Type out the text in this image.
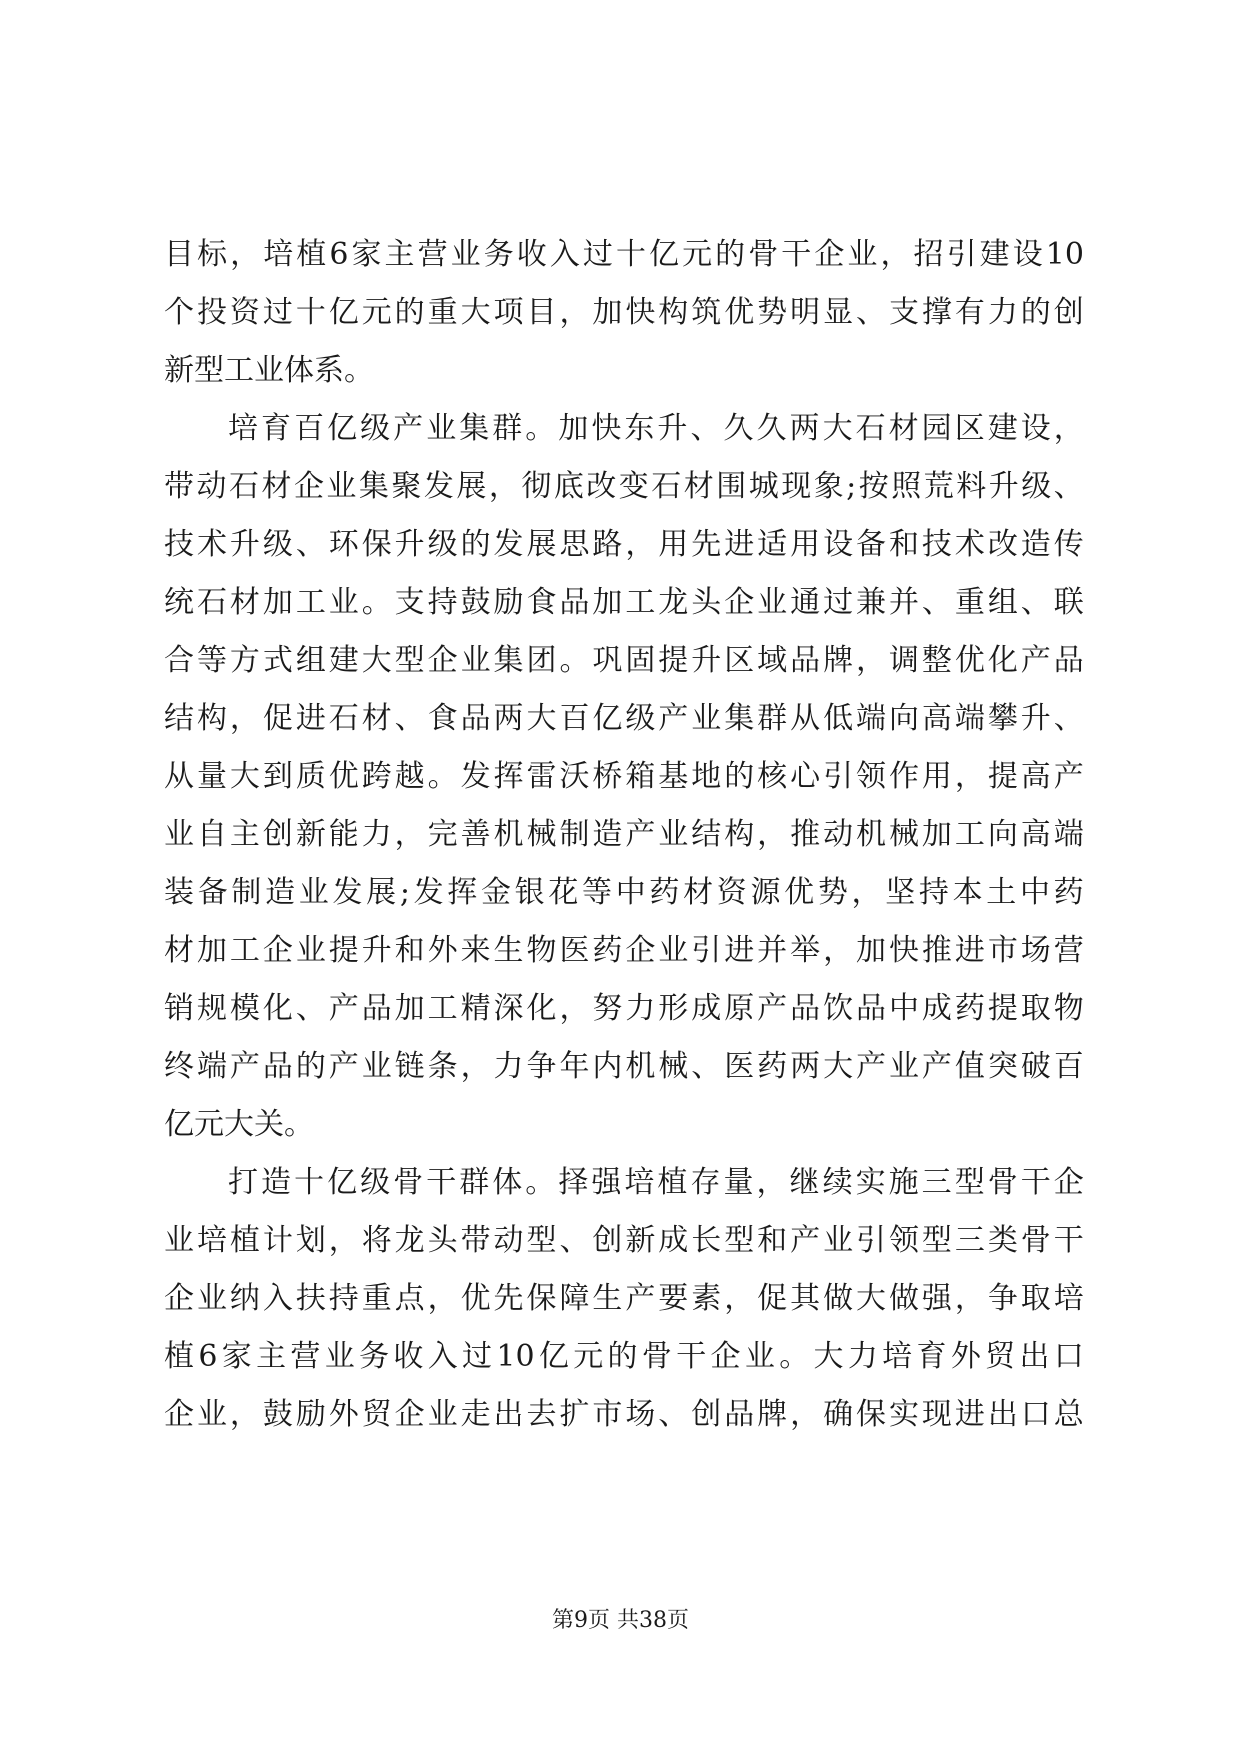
目 标 ， 培 植 6 家 主 营 业 务 收 入 过 十 亿 元 的 骨 干 企 业 ， 招 引 建 设 10
个 投 资 过 十 亿 元 的 重 大 项 目 ， 加 快 构 筑 优 势 明 显 、 支 撑 有 力 的 创
新 型 工 业 体 系 。
培 育 百 亿 级 产 业 集 群 。 加 快 东 升 、 久 久 两 大 石 材 园 区 建 设 ，
带 动 石 材 企 业 集 聚 发 展 ， 彻 底 改 变 石 材 围 城 现 象 ; 按 照 荒 料 升 级 、
技 术 升 级 、 环 保 升 级 的 发 展 思 路 ， 用 先 进 适 用 设 备 和 技 术 改 造 传
统 石 材 加 工 业 。 支 持 鼓 励 食 品 加 工 龙 头 企 业 通 过 兼 并 、 重 组 、 联
合 等 方 式 组 建 大 型 企 业 集 团 。 巩 固 提 升 区 域 品 牌 ， 调 整 优 化 产 品
结 构 ， 促 进 石 材 、 食 品 两 大 百 亿 级 产 业 集 群 从 低 端 向 高 端 攀 升 、
从 量 大 到 质 优 跨 越 。 发 挥 雷 沃 桥 箱 基 地 的 核 心 引 领 作 用 ， 提 高 产
业 自 主 创 新 能 力 ， 完 善 机 械 制 造 产 业 结 构 ， 推 动 机 械 加 工 向 高 端
装 备 制 造 业 发 展 ; 发 挥 金 银 花 等 中 药 材 资 源 优 势 ， 坚 持 本 土 中 药
材 加 工 企 业 提 升 和 外 来 生 物 医 药 企 业 引 进 并 举 ， 加 快 推 进 市 场 营
销 规 模 化 、 产 品 加 工 精 深 化 ， 努 力 形 成 原 产 品 饮 品 中 成 药 提 取 物
终 端 产 品 的 产 业 链 条 ， 力 争 年 内 机 械 、 医 药 两 大 产 业 产 值 突 破 百
亿 元 大 关 。
打 造 十 亿 级 骨 干 群 体 。 择 强 培 植 存 量 ， 继 续 实 施 三 型 骨 干 企
业 培 植 计 划 ， 将 龙 头 带 动 型 、 创 新 成 长 型 和 产 业 引 领 型 三 类 骨 干
企 业 纳 入 扶 持 重 点 ， 优 先 保 障 生 产 要 素 ， 促 其 做 大 做 强 ， 争 取 培
植 6 家 主 营 业 务 收 入 过 10 亿 元 的 骨 干 企 业 。 大 力 培 育 外 贸 出 口
企 业 ， 鼓 励 外 贸 企 业 走 出 去 扩 市 场 、 创 品 牌 ， 确 保 实 现 进 出 口 总
第9页 共38页
